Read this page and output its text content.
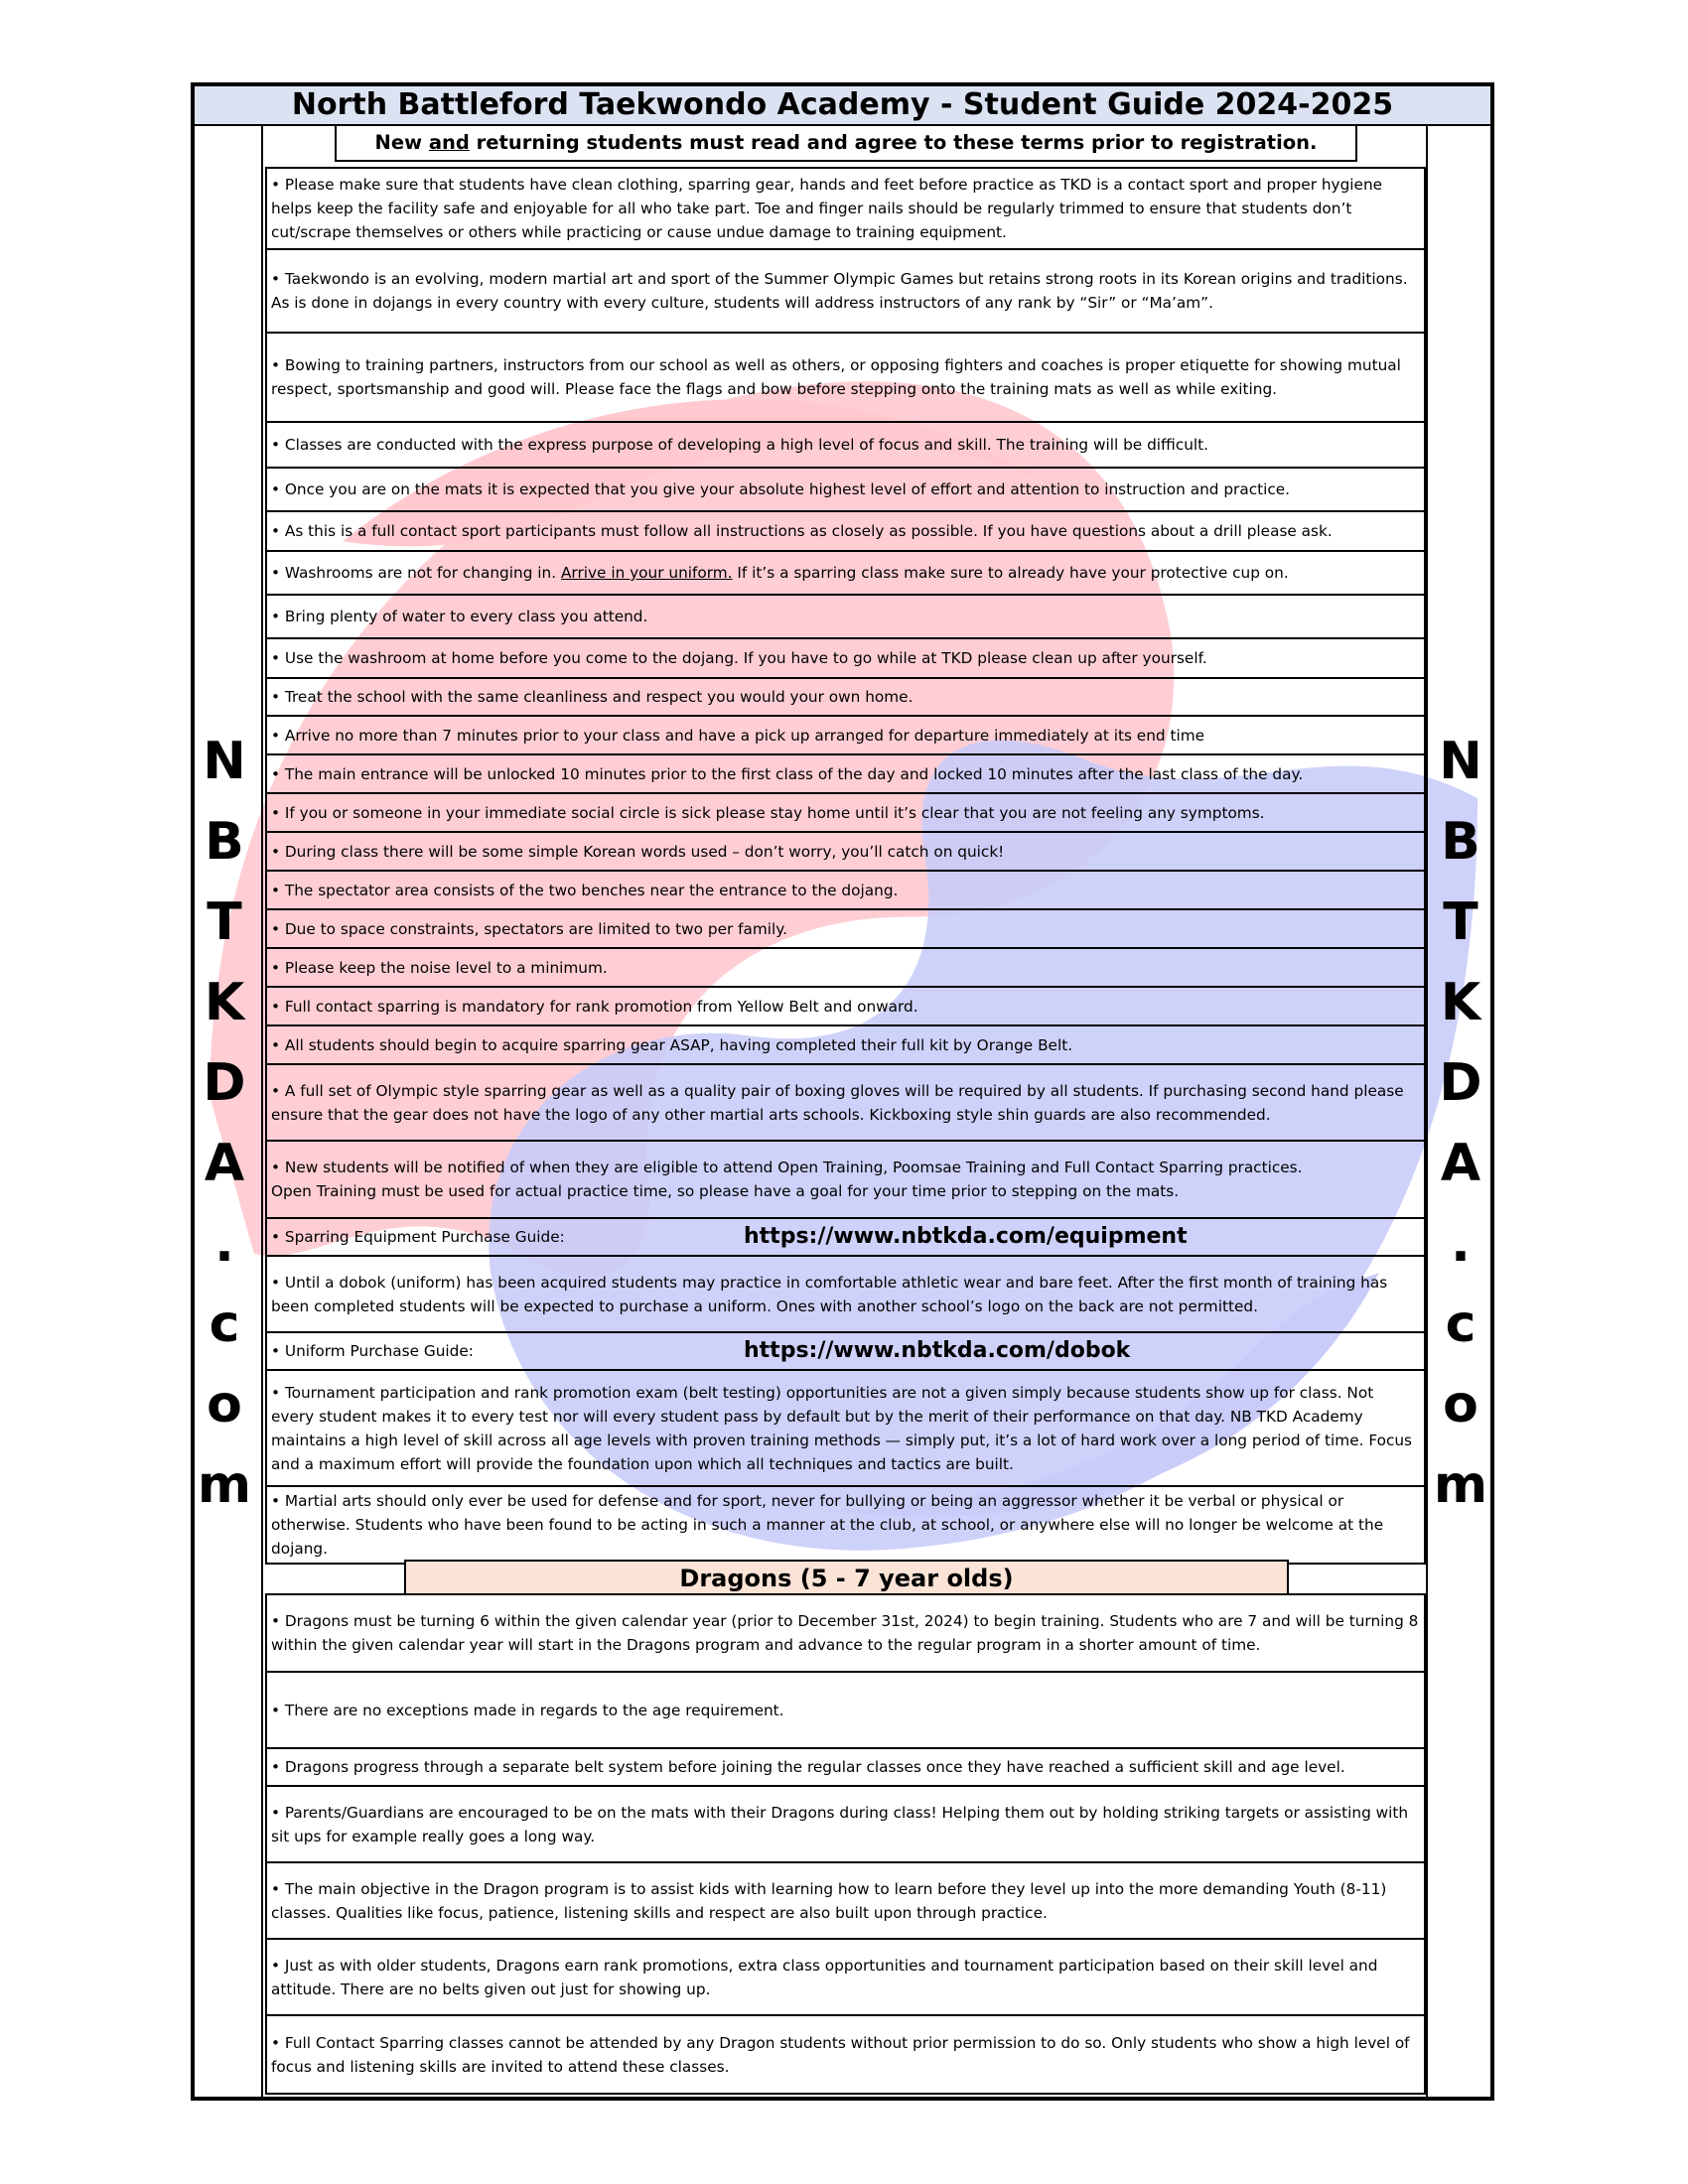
North Battleford Taekwondo Academy - Student Guide 2024-2025
New and returning students must read and agree to these terms prior to registration.
N
B
T
K
D
A
.
c
o
m
N
B
T
K
D
A
.
c
o
m
• Please make sure that students have clean clothing, sparring gear, hands and feet before practice as TKD is a contact sport and proper hygiene helps keep the facility safe and enjoyable for all who take part. Toe and finger nails should be regularly trimmed to ensure that students don’t cut/scrape themselves or others while practicing or cause undue damage to training equipment.
• Taekwondo is an evolving, modern martial art and sport of the Summer Olympic Games but retains strong roots in its Korean origins and traditions. As is done in dojangs in every country with every culture, students will address instructors of any rank by “Sir” or “Ma’am”.
• Bowing to training partners, instructors from our school as well as others, or opposing fighters and coaches is proper etiquette for showing mutual respect, sportsmanship and good will. Please face the flags and bow before stepping onto the training mats as well as while exiting.
• Classes are conducted with the express purpose of developing a high level of focus and skill. The training will be difficult.
• Once you are on the mats it is expected that you give your absolute highest level of effort and attention to instruction and practice.
• As this is a full contact sport participants must follow all instructions as closely as possible. If you have questions about a drill please ask.
• Washrooms are not for changing in. Arrive in your uniform. If it’s a sparring class make sure to already have your protective cup on.
• Bring plenty of water to every class you attend.
• Use the washroom at home before you come to the dojang. If you have to go while at TKD please clean up after yourself.
• Treat the school with the same cleanliness and respect you would your own home.
• Arrive no more than 7 minutes prior to your class and have a pick up arranged for departure immediately at its end time
• The main entrance will be unlocked 10 minutes prior to the first class of the day and locked 10 minutes after the last class of the day.
• If you or someone in your immediate social circle is sick please stay home until it’s clear that you are not feeling any symptoms.
• During class there will be some simple Korean words used – don’t worry, you’ll catch on quick!
• The spectator area consists of the two benches near the entrance to the dojang.
• Due to space constraints, spectators are limited to two per family.
• Please keep the noise level to a minimum.
• Full contact sparring is mandatory for rank promotion from Yellow Belt and onward.
• All students should begin to acquire sparring gear ASAP, having completed their full kit by Orange Belt.
• A full set of Olympic style sparring gear as well as a quality pair of boxing gloves will be required by all students. If purchasing second hand please ensure that the gear does not have the logo of any other martial arts schools. Kickboxing style shin guards are also recommended.
• New students will be notified of when they are eligible to attend Open Training, Poomsae Training and Full Contact Sparring practices.
Open Training must be used for actual practice time, so please have a goal for your time prior to stepping on the mats.
• Sparring Equipment Purchase Guide:	https://www.nbtkda.com/equipment
• Until a dobok (uniform) has been acquired students may practice in comfortable athletic wear and bare feet. After the first month of training has been completed students will be expected to purchase a uniform. Ones with another school’s logo on the back are not permitted.
• Uniform Purchase Guide:	https://www.nbtkda.com/dobok
• Tournament participation and rank promotion exam (belt testing) opportunities are not a given simply because students show up for class. Not every student makes it to every test nor will every student pass by default but by the merit of their performance on that day. NB TKD Academy maintains a high level of skill across all age levels with proven training methods — simply put, it’s a lot of hard work over a long period of time. Focus and a maximum effort will provide the foundation upon which all techniques and tactics are built.
• Martial arts should only ever be used for defense and for sport, never for bullying or being an aggressor whether it be verbal or physical or otherwise. Students who have been found to be acting in such a manner at the club, at school, or anywhere else will no longer be welcome at the dojang.
Dragons (5 - 7 year olds)
• Dragons must be turning 6 within the given calendar year (prior to December 31st, 2024) to begin training. Students who are 7 and will be turning 8 within the given calendar year will start in the Dragons program and advance to the regular program in a shorter amount of time.
• There are no exceptions made in regards to the age requirement.
• Dragons progress through a separate belt system before joining the regular classes once they have reached a sufficient skill and age level.
• Parents/Guardians are encouraged to be on the mats with their Dragons during class! Helping them out by holding striking targets or assisting with sit ups for example really goes a long way.
• The main objective in the Dragon program is to assist kids with learning how to learn before they level up into the more demanding Youth (8-11) classes. Qualities like focus, patience, listening skills and respect are also built upon through practice.
• Just as with older students, Dragons earn rank promotions, extra class opportunities and tournament participation based on their skill level and attitude. There are no belts given out just for showing up.
• Full Contact Sparring classes cannot be attended by any Dragon students without prior permission to do so. Only students who show a high level of focus and listening skills are invited to attend these classes.
